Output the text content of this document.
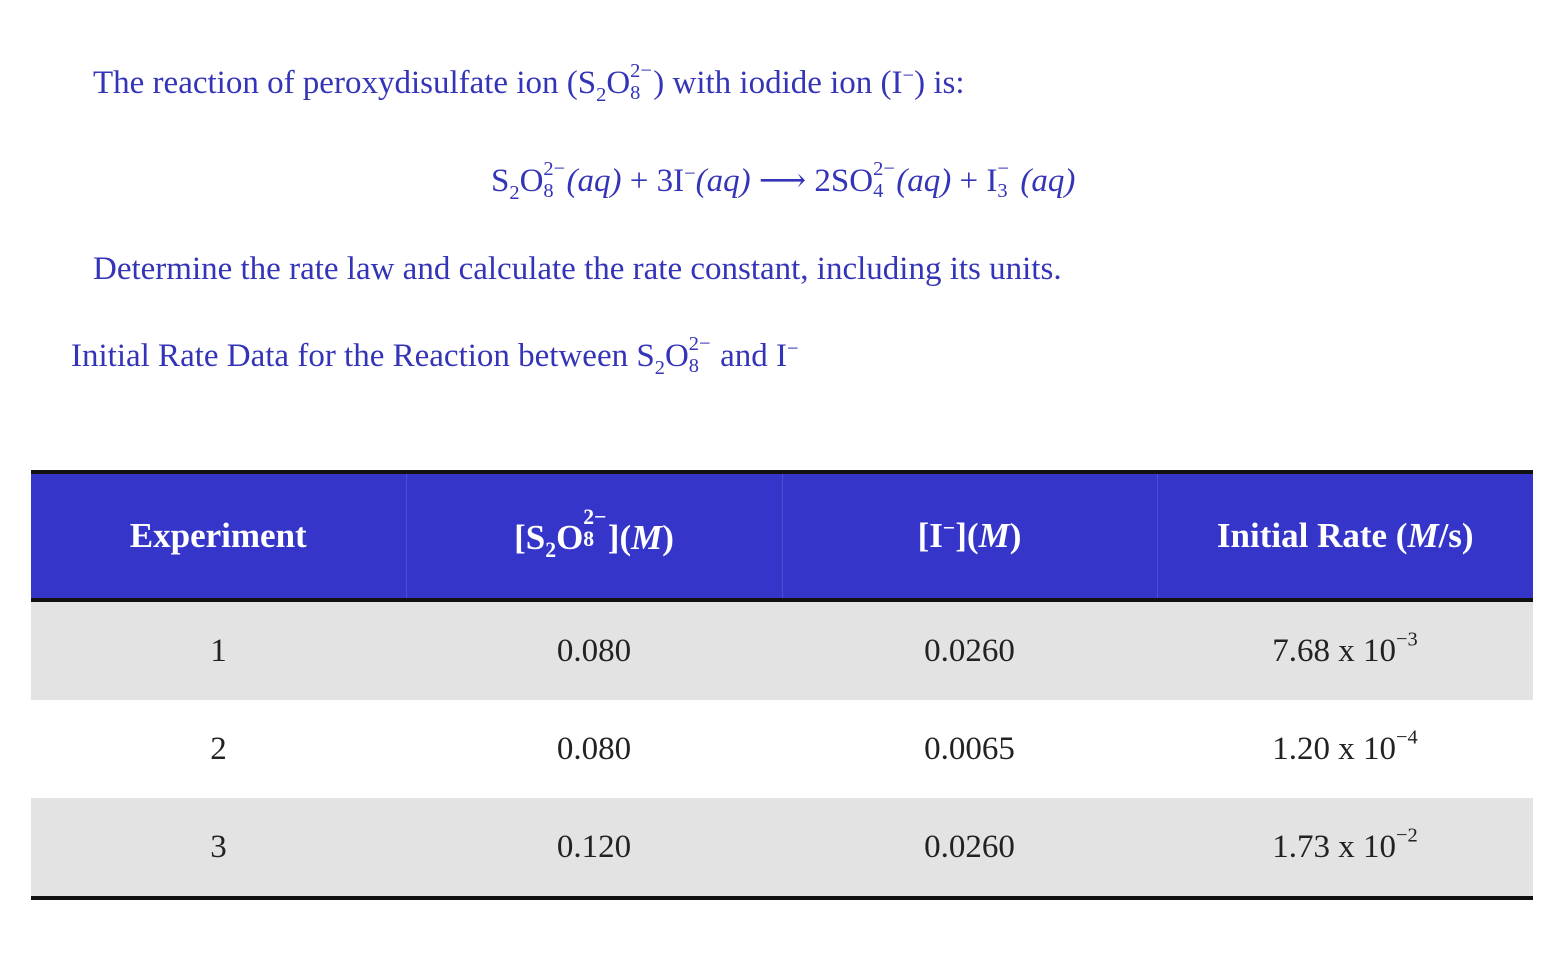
The reaction of peroxydisulfate ion ($S_2O$ 2−
8 ) with iodide ion (I−) is:
$S_2O$ 2−
8 (aq) + 3I−(aq) ⟶ 2SO 2−
4 (aq) + I −
3 (aq)
Determine the rate law and calculate the rate constant, including its units.
Initial Rate Data for the Reaction between $S_2O$ 2−
8 and I−
Experiment	[$S_2O$
2−
8 ](M)	[I−](M)	Initial Rate (M/s)
1	0.080	0.0260	7.68 x $10^{-3}$
2	0.080	0.0065	1.20 x $10^{-4}$
3	0.120	0.0260	1.73 x $10^{-2}$
